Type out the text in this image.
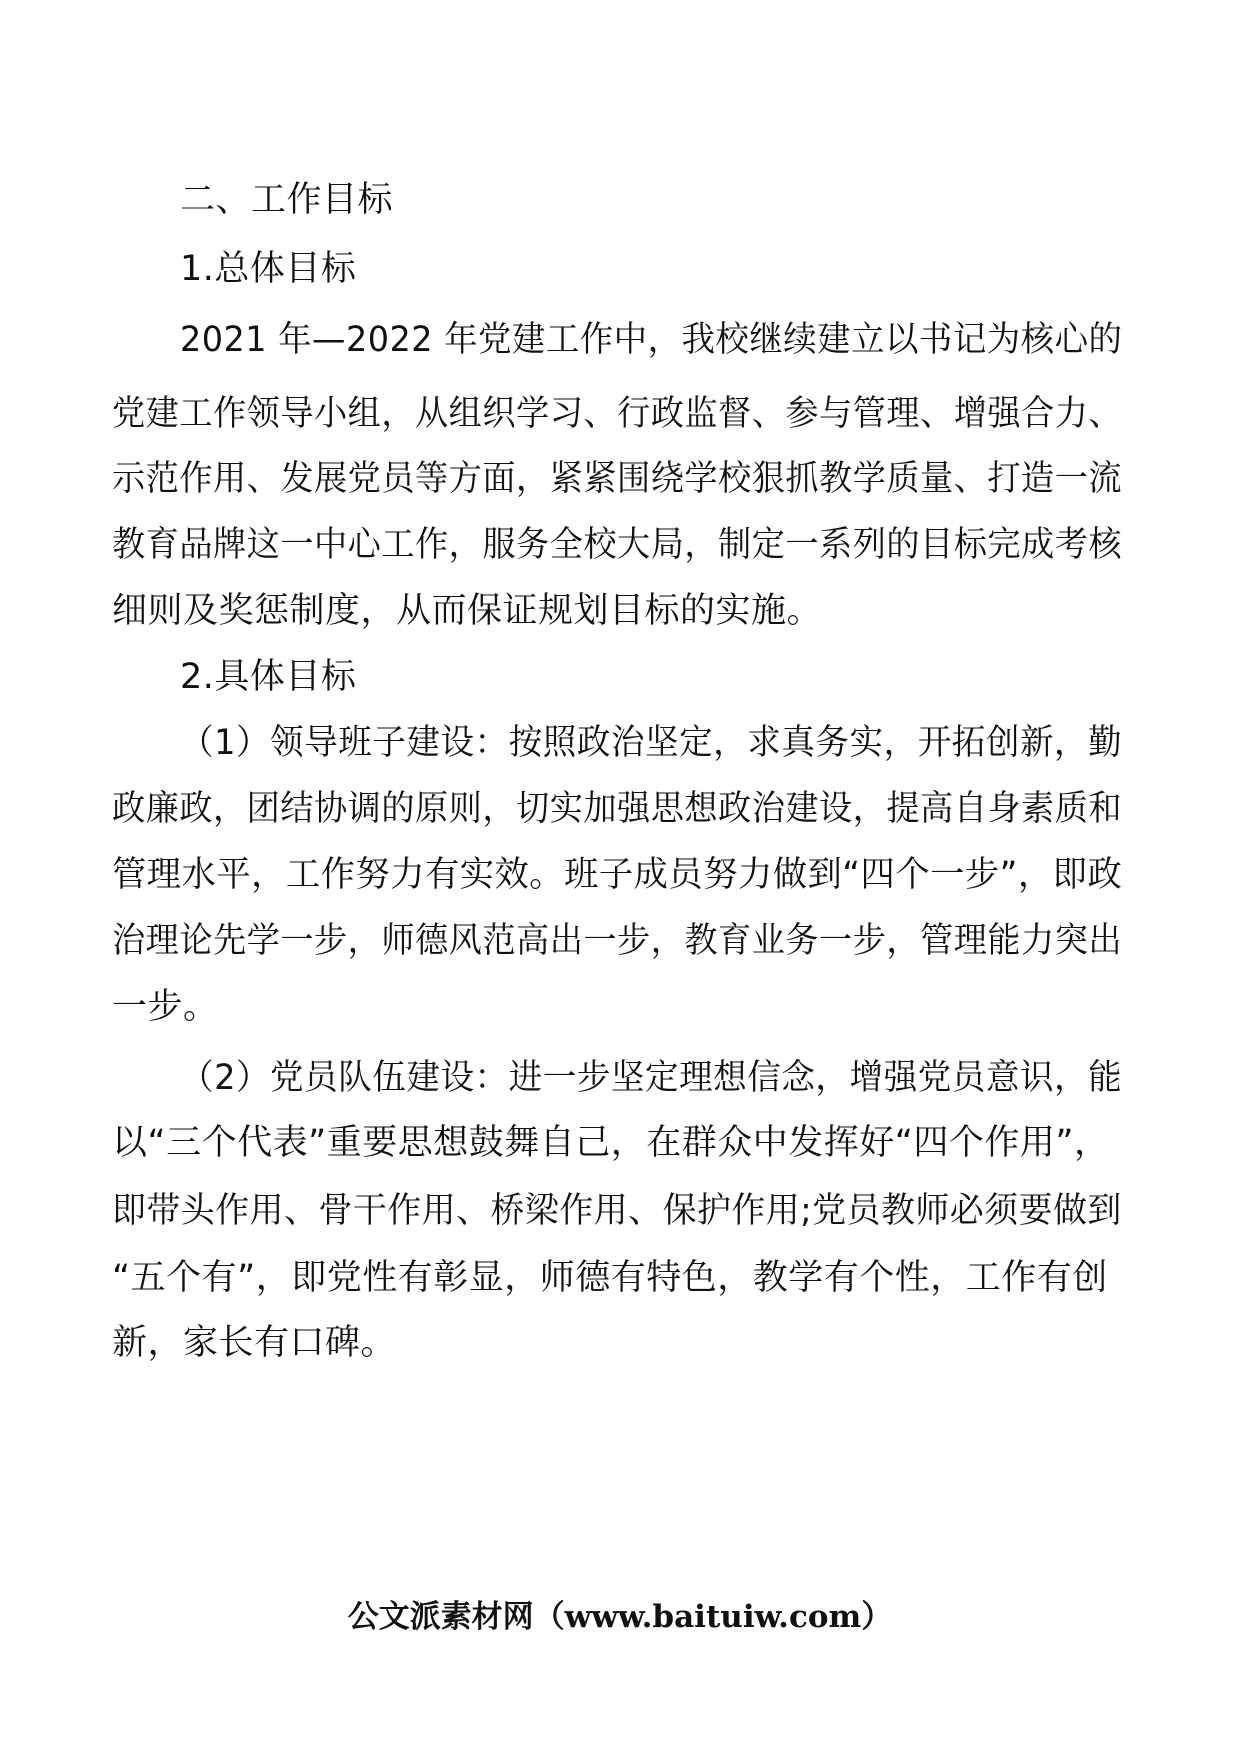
二、工作目标
1.总体目标
2021 年—2022 年党建工作中，我校继续建立以书记为核心的
党建工作领导小组，从组织学习、行政监督、参与管理、增强合力、
示范作用、发展党员等方面，紧紧围绕学校狠抓教学质量、打造一流
教育品牌这一中心工作，服务全校大局，制定一系列的目标完成考核
细则及奖惩制度，从而保证规划目标的实施。
2.具体目标
（1）领导班子建设：按照政治坚定，求真务实，开拓创新，勤
政廉政，团结协调的原则，切实加强思想政治建设，提高自身素质和
管理水平，工作努力有实效。班子成员努力做到“四个一步”，即政
治理论先学一步，师德风范高出一步，教育业务一步，管理能力突出
一步。
（2）党员队伍建设：进一步坚定理想信念，增强党员意识，能
以“三个代表”重要思想鼓舞自己，在群众中发挥好“四个作用”，
即带头作用、骨干作用、桥梁作用、保护作用;党员教师必须要做到
“五个有”，即党性有彰显，师德有特色，教学有个性，工作有创
新，家长有口碑。
公文派素材网（www.baituiw.com）
